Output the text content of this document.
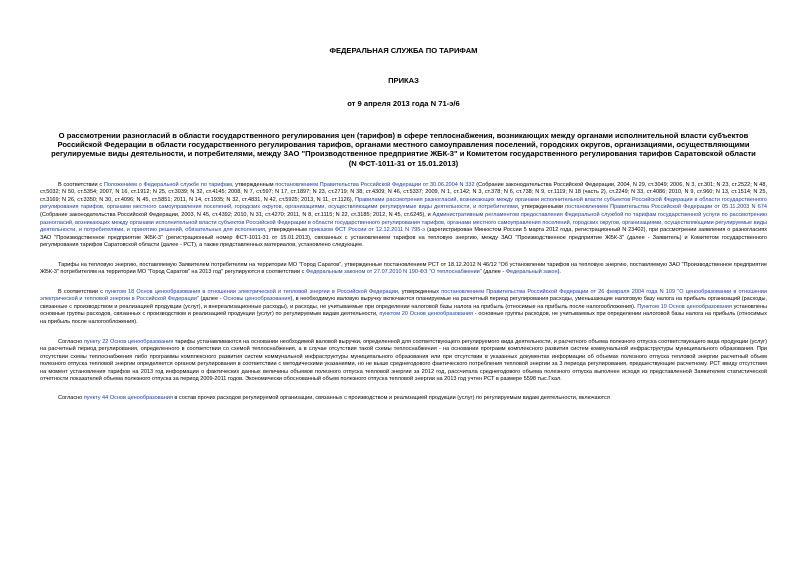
ФЕДЕРАЛЬНАЯ СЛУЖБА ПО ТАРИФАМ
ПРИКАЗ
от 9 апреля 2013 года N 71-э/6
О рассмотрении разногласий в области государственного регулирования цен (тарифов) в сфере теплоснабжения, возникающих между органами исполнительной власти субъектов Российской Федерации в области государственного регулирования тарифов, органами местного самоуправления поселений, городских округов, организациями, осуществляющими регулируемые виды деятельности, и потребителями, между ЗАО "Производственное предприятие ЖБК-3" и Комитетом государственного регулирования тарифов Саратовской области
(N ФСТ-1011-31 от 15.01.2013)

В соответствии с Положением о Федеральной службе по тарифам, утвержденным постановлением Правительства Российской Федерации от 30.06.2004 N 332 (Собрание законодательства Российской Федерации, 2004, N 29, ст.3049; 2006, N 3, ст.301; N 23, ст.2522; N 48, ст.5032; N 50, ст.5354; 2007, N 16, ст.1912; N 25, ст.3039; N 32, ст.4145; 2008, N 7, ст.597; N 17, ст.1897; N 23, ст.2719; N 38, ст.4309; N 46, ст.5337; 2009, N 1, ст.142; N 3, ст.378; N 6, ст.738; N 9, ст.1119; N 18 (часть 2), ст.2249; N 33, ст.4086; 2010, N 9, ст.960; N 13, ст.1514; N 25, ст.3169; N 26, ст.3350; N 30, ст.4096; N 45, ст.5851; 2011, N 14, ст.1935; N 32, ст.4831, N 42, ст.5925; 2013, N 11, ст.1126), Правилами рассмотрения разногласий, возникающих между органами исполнительной власти субъектов Российской Федерации в области государственного регулирования тарифов, органами местного самоуправления поселений, городских округов, организациями, осуществляющими регулируемые виды деятельности, и потребителями, утвержденными постановлением Правительства Российской Федерации от 05.11.2003 N 674 (Собрание законодательства Российской Федерации, 2003, N 45, ст.4392; 2010, N 31, ст.4270; 2011, N 8, ст.1115; N 22, ст.3185; 2012, N 45, ст.6245), и Административным регламентом предоставления Федеральной службой по тарифам государственной услуги по рассмотрению разногласий, возникающих между органами исполнительной власти субъектов Российской Федерации в области государственного регулирования тарифов, органами местного самоуправления поселений, городских округов, организациями, осуществляющими регулируемые виды деятельности, и потребителями, и принятию решений, обязательных для исполнения, утвержденным приказом ФСТ России от 12.12.2011 N 795-э (зарегистрирован Минюстом России 5 марта 2012 года, регистрационный N 23402), при рассмотрении заявления о разногласиях ЗАО "Производственное предприятие ЖБК-3" (регистрационный номер ФСТ-1011-31 от 15.01.2013), связанных с установлением тарифов на тепловую энергию, между ЗАО "Производственное предприятие ЖБК-3" (далее - Заявитель) и Комитетом государственного регулирования тарифов Саратовской области (далее - РСТ), а также представленных материалов, установлено следующее.

Тарифы на тепловую энергию, поставляемую Заявителем потребителям на территории МО "Город Саратов", утвержденные постановлением РСТ от 18.12.2012 N 46/12 "Об установлении тарифов на тепловую энергию, поставляемую ЗАО "Производственное предприятие ЖБК-3" потребителям на территории МО "Город Саратов" на 2013 год" регулируются в соответствии с Федеральным законом от 27.07.2010 N 190-ФЗ "О теплоснабжении" (далее - Федеральный закон).

В соответствии с пунктом 18 Основ ценообразования в отношении электрической и тепловой энергии в Российской Федерации, утвержденных постановлением Правительства Российской Федерации от 26 февраля 2004 года N 109 "О ценообразовании в отношении электрической и тепловой энергии в Российской Федерации" (далее - Основы ценообразования), в необходимую валовую выручку включаются планируемые на расчетный период регулирования расходы, уменьшающие налоговую базу налога на прибыль организаций (расходы, связанные с производством и реализацией продукции (услуг), и внереализационные расходы), и расходы, не учитываемые при определении налоговой базы налога на прибыль (относимые на прибыль после налогообложения). Пунктом 19 Основ ценообразования установлены основные группы расходов, связанных с производством и реализацией продукции (услуг) по регулируемым видам деятельности, пунктом 20 Основ ценообразования - основные группы расходов, не учитываемых при определении налоговой базы налога на прибыль (относимых на прибыль после налогообложения).

Согласно пункту 22 Основ ценообразования тарифы устанавливаются на основании необходимой валовой выручки, определенной для соответствующего регулируемого вида деятельности, и расчетного объема полезного отпуска соответствующего вида продукции (услуг) на расчетный период регулирования, определенного в соответствии со схемой теплоснабжения, а в случае отсутствия такой схемы теплоснабжения - на основании программ комплексного развития систем коммунальной инфраструктуры муниципального образования. При отсутствии схемы теплоснабжения либо программы комплексного развития систем коммунальной инфраструктуры муниципального образования или при отсутствии в указанных документах информации об объемах полезного отпуска тепловой энергии расчетный объем полезного отпуска тепловой энергии определяется органом регулирования в соответствии с методическими указаниями, но не выше среднегодового фактического потребления тепловой энергии за 3 периода регулирования, предшествующие расчетному. РСТ ввиду отсутствия на момент установления тарифов на 2013 год информации о фактических данных величины объемов полезного отпуска тепловой энергии за 2012 год, рассчитала среднегодового объема полезного отпуска выполнен исходя из представленной Заявителем статистической отчетности показателей объема полезного отпуска за период 2009-2011 годов. Экономически обоснованный объем полезного отпуска тепловой энергии на 2013 год учтен РСТ в размере 5598 тыс.Гкал.

Согласно пункту 44 Основ ценообразования в состав прочих расходов регулируемой организации, связанных с производством и реализацией продукции (услуг) по регулируемым видам деятельности, включаются
